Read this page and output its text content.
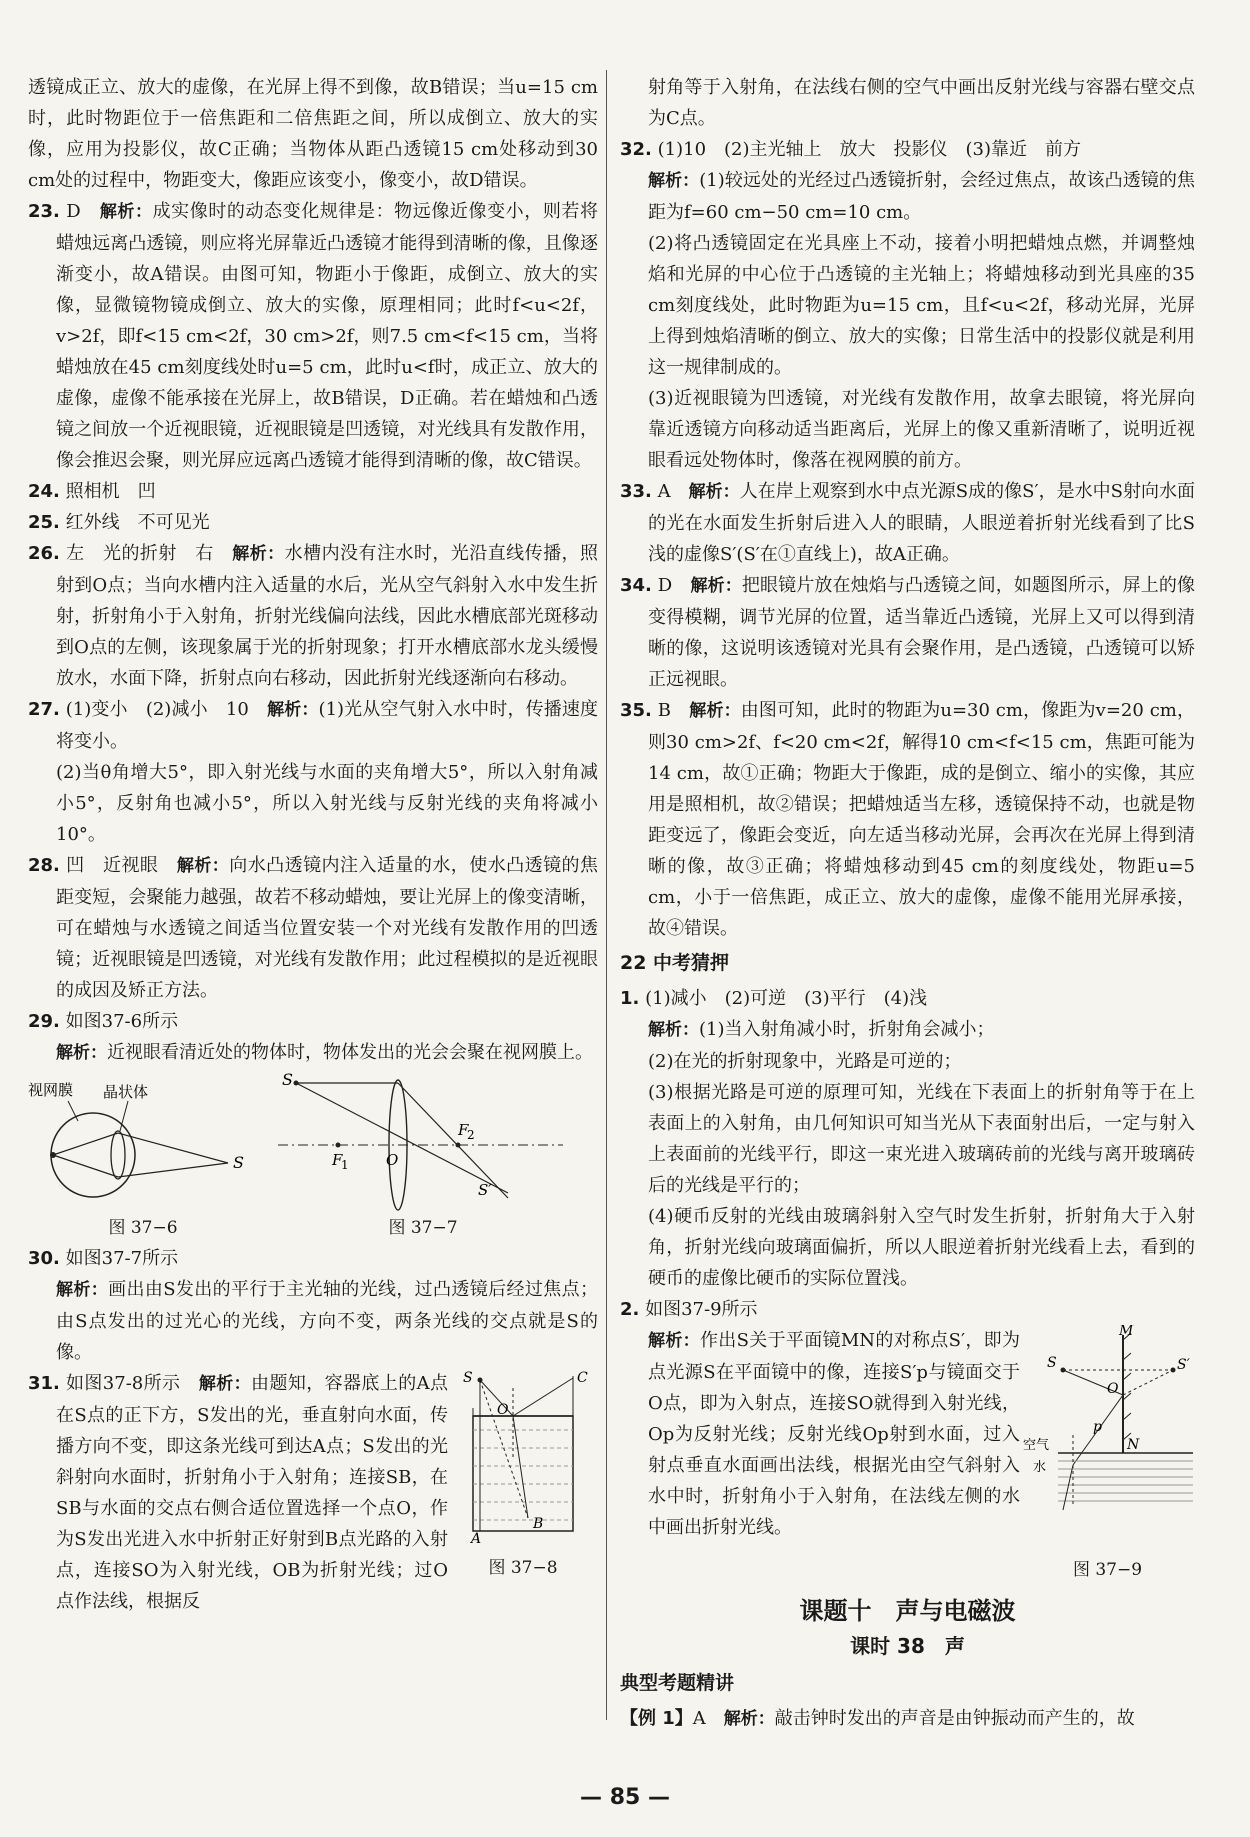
透镜成正立、放大的虚像，在光屏上得不到像，故B错误；当u=15 cm时，此时物距位于一倍焦距和二倍焦距之间，所以成倒立、放大的实像，应用为投影仪，故C正确；当物体从距凸透镜15 cm处移动到30 cm处的过程中，物距变大，像距应该变小，像变小，故D错误。

23. D　 解析：成实像时的动态变化规律是：物远像近像变小，则若将蜡烛远离凸透镜，则应将光屏靠近凸透镜才能得到清晰的像，且像逐渐变小，故A错误。由图可知，物距小于像距，成倒立、放大的实像，显微镜物镜成倒立、放大的实像，原理相同；此时f<u<2f，v>2f，即f<15 cm<2f，30 cm>2f，则7.5 cm<f<15 cm，当将蜡烛放在45 cm刻度线处时u=5 cm，此时u<f时，成正立、放大的虚像，虚像不能承接在光屏上，故B错误，D正确。若在蜡烛和凸透镜之间放一个近视眼镜，近视眼镜是凹透镜，对光线具有发散作用，像会推迟会聚，则光屏应远离凸透镜才能得到清晰的像，故C错误。

24. 照相机　凹

25. 红外线　不可见光

26. 左　光的折射　右　 解析：水槽内没有注水时，光沿直线传播，照射到O点；当向水槽内注入适量的水后，光从空气斜射入水中发生折射，折射角小于入射角，折射光线偏向法线，因此水槽底部光斑移动到O点的左侧，该现象属于光的折射现象；打开水槽底部水龙头缓慢放水，水面下降，折射点向右移动，因此折射光线逐渐向右移动。

27. (1)变小　(2)减小　10　 解析：(1)光从空气射入水中时，传播速度将变小。

(2)当θ角增大5°，即入射光线与水面的夹角增大5°，所以入射角减小5°，反射角也减小5°，所以入射光线与反射光线的夹角将减小10°。

28. 凹　近视眼　 解析：向水凸透镜内注入适量的水，使水凸透镜的焦距变短，会聚能力越强，故若不移动蜡烛，要让光屏上的像变清晰，可在蜡烛与水透镜之间适当位置安装一个对光线有发散作用的凹透镜；近视眼镜是凹透镜，对光线有发散作用；此过程模拟的是近视眼的成因及矫正方法。

29. 如图37-6所示

解析：近视眼看清近处的物体时，物体发出的光会会聚在视网膜上。

视网膜 晶状体
S
图 37−6
S
F
1
F
2
O
S′
图 37−7

30. 如图37-7所示

解析：画出由S发出的平行于主光轴的光线，过凸透镜后经过焦点；由S点发出的过光心的光线，方向不变，两条光线的交点就是S的像。

31. 如图37-8所示　 解析：由题知，容器底上的A点在S点的正下方，S发出的光，垂直射向水面，传播方向不变，即这条光线可到达A点；S发出的光斜射向水面时，折射角小于入射角；连接SB，在SB与水面的交点右侧合适位置选择一个点O，作为S发出光进入水中折射正好射到B点光路的入射点，连接SO为入射光线，OB为折射光线；过O点作法线，根据反

S	C
O
A
B
图 37−8

射角等于入射角，在法线右侧的空气中画出反射光线与容器右壁交点为C点。

32. (1)10　(2)主光轴上　放大　投影仪　(3)靠近　前方

解析：(1)较远处的光经过凸透镜折射，会经过焦点，故该凸透镜的焦距为f=60 cm−50 cm=10 cm。

(2)将凸透镜固定在光具座上不动，接着小明把蜡烛点燃，并调整烛焰和光屏的中心位于凸透镜的主光轴上；将蜡烛移动到光具座的35 cm刻度线处，此时物距为u=15 cm，且f<u<2f，移动光屏，光屏上得到烛焰清晰的倒立、放大的实像；日常生活中的投影仪就是利用这一规律制成的。

(3)近视眼镜为凹透镜，对光线有发散作用，故拿去眼镜，将光屏向靠近透镜方向移动适当距离后，光屏上的像又重新清晰了，说明近视眼看远处物体时，像落在视网膜的前方。

33. A　 解析：人在岸上观察到水中点光源S成的像S′，是水中S射向水面的光在水面发生折射后进入人的眼睛，人眼逆着折射光线看到了比S浅的虚像S′(S′在①直线上)，故A正确。

34. D　 解析：把眼镜片放在烛焰与凸透镜之间，如题图所示，屏上的像变得模糊，调节光屏的位置，适当靠近凸透镜，光屏上又可以得到清晰的像，这说明该透镜对光具有会聚作用，是凸透镜，凸透镜可以矫正远视眼。

35. B　 解析：由图可知，此时的物距为u=30 cm，像距为v=20 cm，则30 cm>2f、f<20 cm<2f，解得10 cm<f<15 cm，焦距可能为14 cm，故①正确；物距大于像距，成的是倒立、缩小的实像，其应用是照相机，故②错误；把蜡烛适当左移，透镜保持不动，也就是物距变远了，像距会变近，向左适当移动光屏，会再次在光屏上得到清晰的像，故③正确；将蜡烛移动到45 cm的刻度线处，物距u=5 cm，小于一倍焦距，成正立、放大的虚像，虚像不能用光屏承接，故④错误。

22 中考猜押

1. (1)减小　(2)可逆　(3)平行　(4)浅

解析：(1)当入射角减小时，折射角会减小；

(2)在光的折射现象中，光路是可逆的；

(3)根据光路是可逆的原理可知，光线在下表面上的折射角等于在上表面上的入射角，由几何知识可知当光从下表面射出后，一定与射入上表面前的光线平行，即这一束光进入玻璃砖前的光线与离开玻璃砖后的光线是平行的；

(4)硬币反射的光线由玻璃斜射入空气时发生折射，折射角大于入射角，折射光线向玻璃面偏折，所以人眼逆着折射光线看上去，看到的硬币的虚像比硬币的实际位置浅。

2. 如图37-9所示

解析：作出S关于平面镜MN的对称点S′，即为点光源S在平面镜中的像，连接S′p与镜面交于O点，即为入射点，连接SO就得到入射光线，Op为反射光线；反射光线Op射到水面，过入射点垂直水面画出法线，根据光由空气斜射入水中时，折射角小于入射角，在法线左侧的水中画出折射光线。

M
N
S	S′
O
p
空气
水
图 37−9
课题十　声与电磁波
课时 38　声
典型考题精讲

【例 1】A　 解析：敲击钟时发出的声音是由钟振动而产生的，故

— 85 —
